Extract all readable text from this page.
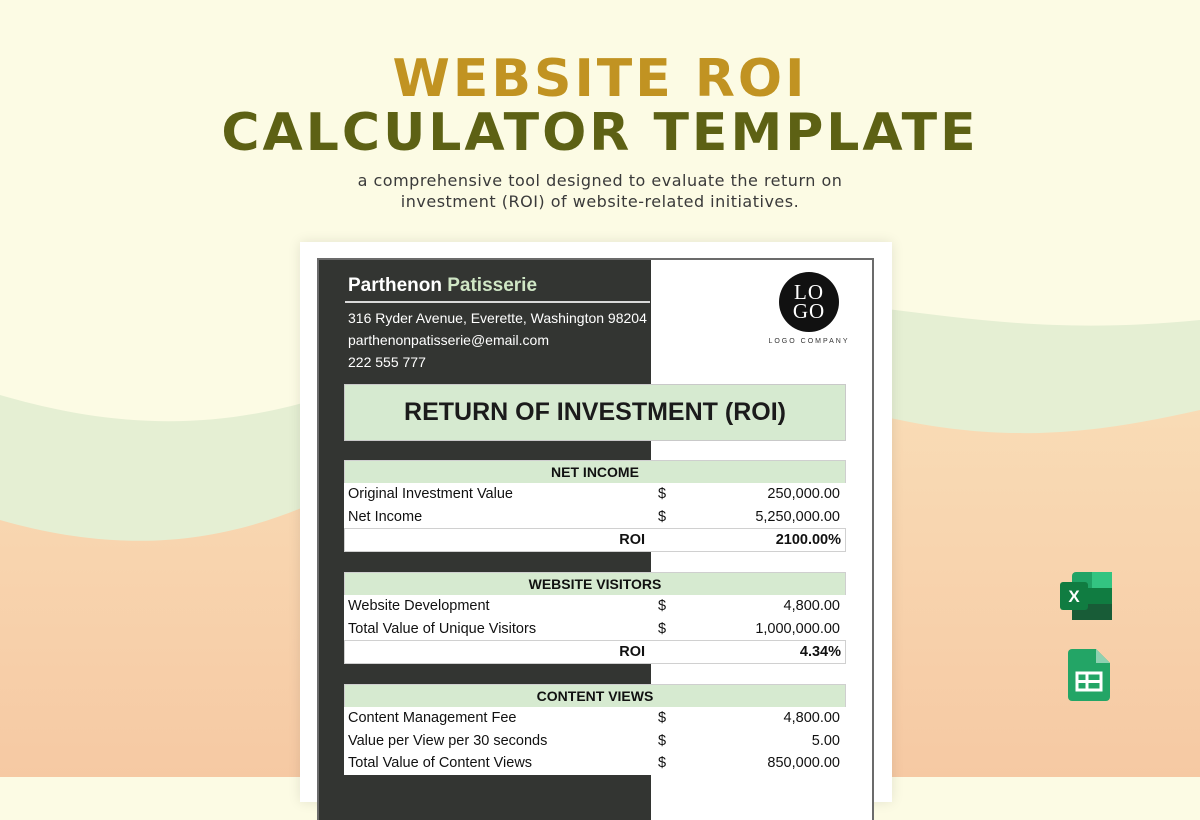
WEBSITE ROI
CALCULATOR TEMPLATE
a comprehensive tool designed to evaluate the return on investment (ROI) of website-related initiatives.
Parthenon Patisserie
316 Ryder Avenue, Everette, Washington 98204
parthenonpatisserie@email.com
222 555 777
LO
GO
LOGO COMPANY
RETURN OF INVESTMENT (ROI)
NET INCOME
Original Investment Value	$	250,000.00
Net Income	$	5,250,000.00
ROI	2100.00%
WEBSITE VISITORS
Website Development	$	4,800.00
Total Value of Unique Visitors	$	1,000,000.00
ROI	4.34%
CONTENT VIEWS
Content Management Fee	$	4,800.00
Value per View per 30 seconds	$	5.00
Total Value of Content Views	$	850,000.00
X
